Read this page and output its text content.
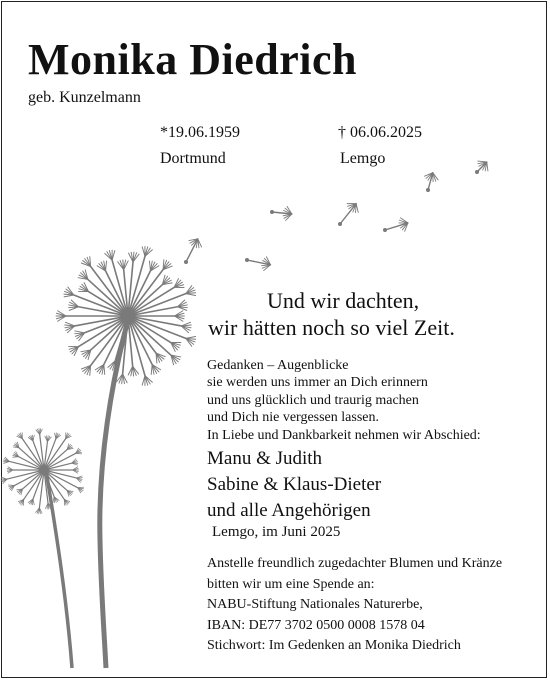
Monika Diedrich
geb. Kunzelmann
*19.06.1959
Dortmund
† 06.06.2025
Lemgo
Und wir dachten,
wir hätten noch so viel Zeit.
Gedanken – Augenblicke
sie werden uns immer an Dich erinnern
und uns glücklich und traurig machen
und Dich nie vergessen lassen.
In Liebe und Dankbarkeit nehmen wir Abschied:
Manu & Judith
Sabine & Klaus-Dieter
und alle Angehörigen
Lemgo, im Juni 2025
Anstelle freundlich zugedachter Blumen und Kränze
bitten wir um eine Spende an:
NABU-Stiftung Nationales Naturerbe,
IBAN: DE77 3702 0500 0008 1578 04
Stichwort: Im Gedenken an Monika Diedrich
